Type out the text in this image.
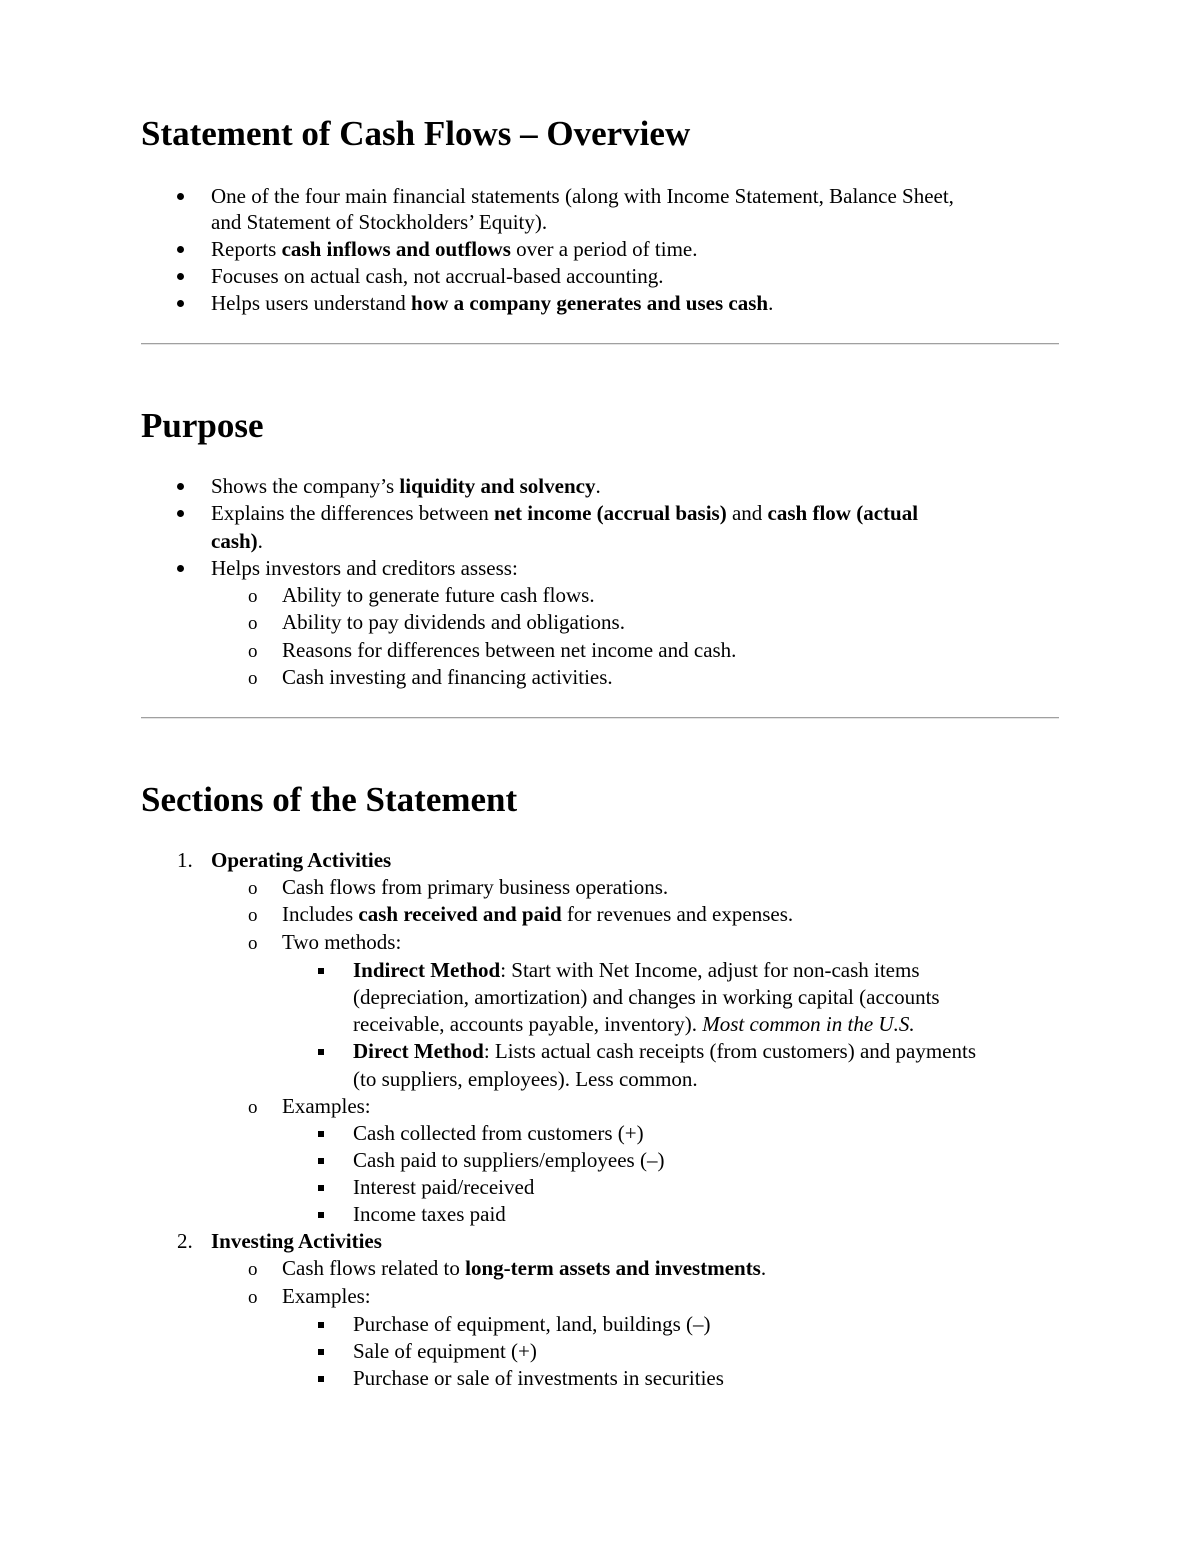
Statement of Cash Flows – Overview
One of the four main financial statements (along with Income Statement, Balance Sheet,
and Statement of Stockholders’ Equity).
Reports cash inflows and outflows over a period of time.
Focuses on actual cash, not accrual-based accounting.
Helps users understand how a company generates and uses cash.
Purpose
Shows the company’s liquidity and solvency.
Explains the differences between net income (accrual basis) and cash flow (actual
cash).
Helps investors and creditors assess:
o Ability to generate future cash flows.
o Ability to pay dividends and obligations.
o Reasons for differences between net income and cash.
o Cash investing and financing activities.
Sections of the Statement
1. Operating Activities
o Cash flows from primary business operations.
o Includes cash received and paid for revenues and expenses.
o Two methods:
Indirect Method: Start with Net Income, adjust for non-cash items
(depreciation, amortization) and changes in working capital (accounts
receivable, accounts payable, inventory). Most common in the U.S.
Direct Method: Lists actual cash receipts (from customers) and payments
(to suppliers, employees). Less common.
o Examples:
Cash collected from customers (+)
Cash paid to suppliers/employees (–)
Interest paid/received
Income taxes paid
2. Investing Activities
o Cash flows related to long-term assets and investments.
o Examples:
Purchase of equipment, land, buildings (–)
Sale of equipment (+)
Purchase or sale of investments in securities
